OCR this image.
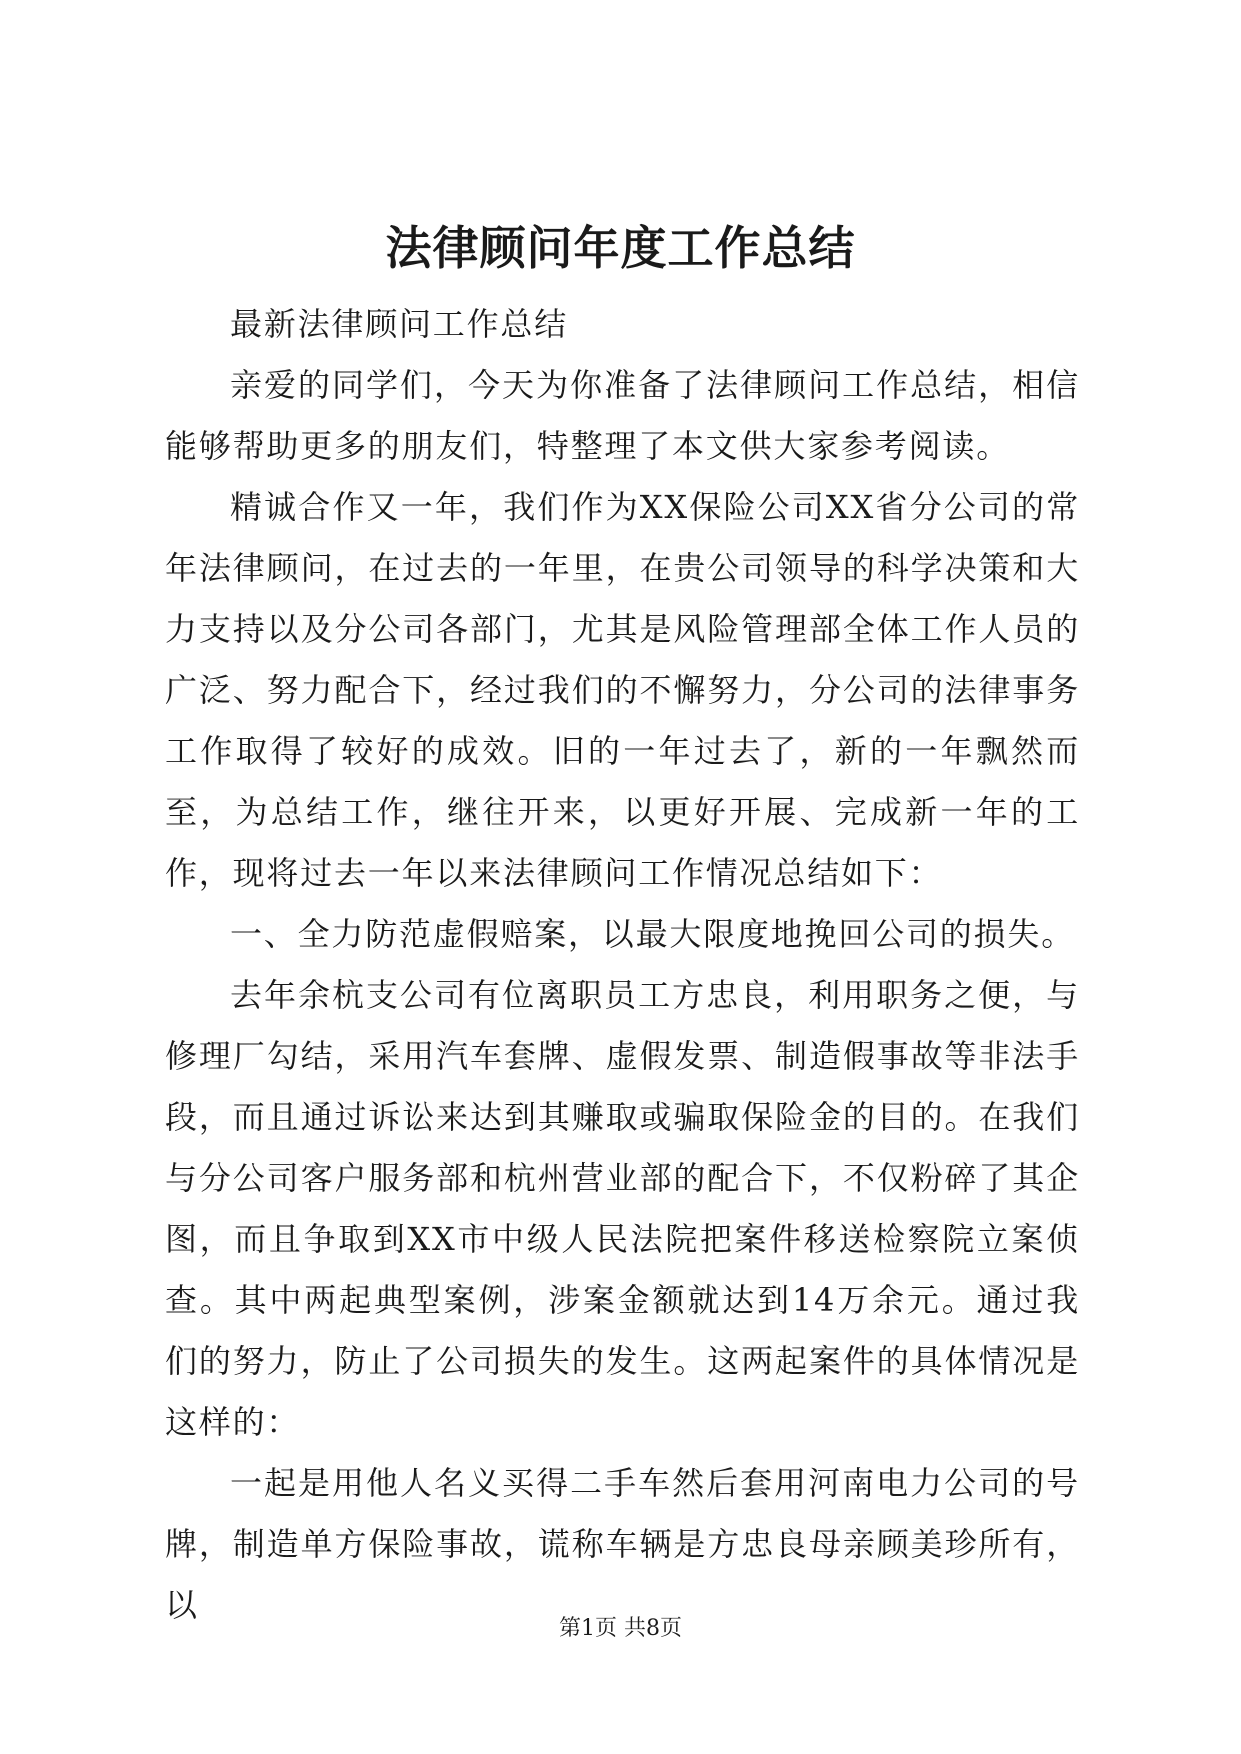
法律顾问年度工作总结

最新法律顾问工作总结

亲爱的同学们，今天为你准备了法律顾问工作总结，相信能够帮助更多的朋友们，特整理了本文供大家参考阅读。

精诚合作又一年，我们作为XX保险公司XX省分公司的常年法律顾问，在过去的一年里，在贵公司领导的科学决策和大力支持以及分公司各部门，尤其是风险管理部全体工作人员的广泛、努力配合下，经过我们的不懈努力，分公司的法律事务工作取得了较好的成效。旧的一年过去了，新的一年飘然而至，为总结工作，继往开来，以更好开展、完成新一年的工作，现将过去一年以来法律顾问工作情况总结如下：

一、全力防范虚假赔案，以最大限度地挽回公司的损失。

去年余杭支公司有位离职员工方忠良，利用职务之便，与修理厂勾结，采用汽车套牌、虚假发票、制造假事故等非法手段，而且通过诉讼来达到其赚取或骗取保险金的目的。在我们与分公司客户服务部和杭州营业部的配合下，不仅粉碎了其企图，而且争取到XX市中级人民法院把案件移送检察院立案侦查。其中两起典型案例，涉案金额就达到14万余元。通过我们的努力，防止了公司损失的发生。这两起案件的具体情况是这样的：

一起是用他人名义买得二手车然后套用河南电力公司的号牌，制造单方保险事故，谎称车辆是方忠良母亲顾美珍所有，以

第1页 共8页
